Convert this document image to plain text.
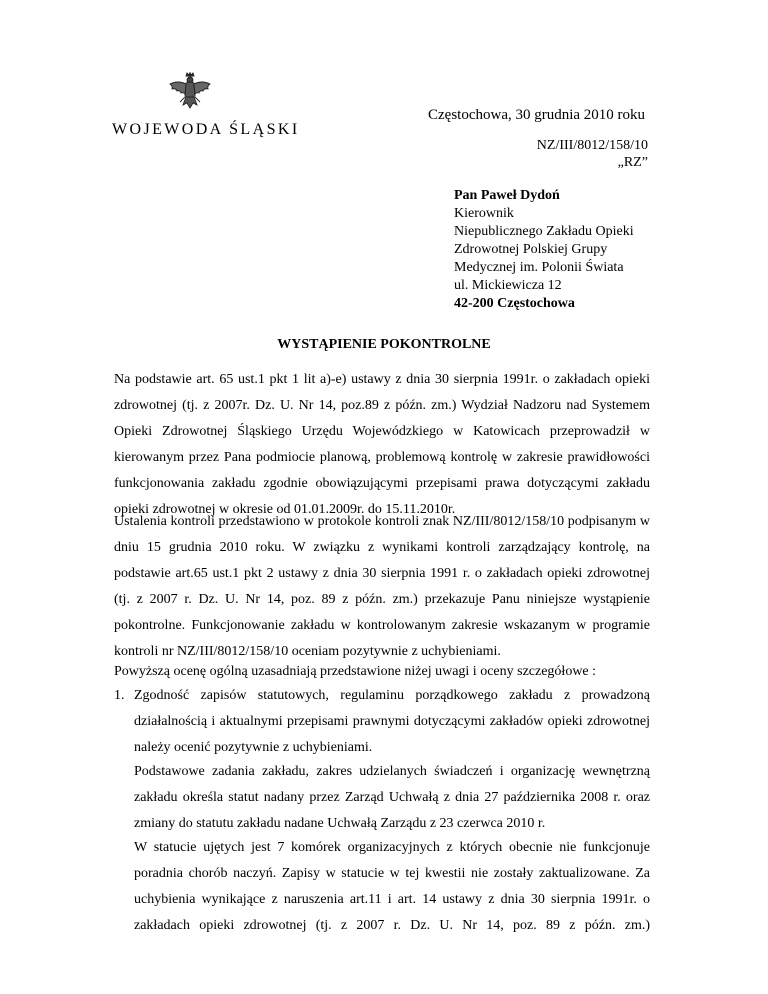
WOJEWODA ŚLĄSKI
Częstochowa, 30 grudnia 2010 roku
NZ/III/8012/158/10
„RZ”
Pan Paweł Dydoń
Kierownik
Niepublicznego Zakładu Opieki
Zdrowotnej Polskiej Grupy
Medycznej im. Polonii Świata
ul. Mickiewicza 12
42-200 Częstochowa
WYSTĄPIENIE POKONTROLNE
Na podstawie art. 65 ust.1 pkt 1 lit a)-e) ustawy z dnia 30 sierpnia 1991r. o zakładach opieki zdrowotnej (tj. z 2007r. Dz. U. Nr 14, poz.89 z późn. zm.) Wydział Nadzoru nad Systemem Opieki Zdrowotnej Śląskiego Urzędu Wojewódzkiego w Katowicach przeprowadził w kierowanym przez Pana podmiocie planową, problemową kontrolę w zakresie prawidłowości funkcjonowania zakładu zgodnie obowiązującymi przepisami prawa dotyczącymi zakładu opieki zdrowotnej w okresie od 01.01.2009r. do 15.11.2010r.
Ustalenia kontroli przedstawiono w protokole kontroli znak NZ/III/8012/158/10 podpisanym w dniu 15 grudnia 2010 roku. W związku z wynikami kontroli zarządzający kontrolę, na podstawie art.65 ust.1 pkt 2 ustawy z dnia 30 sierpnia 1991 r. o zakładach opieki zdrowotnej (tj. z 2007 r. Dz. U. Nr 14, poz. 89 z późn. zm.) przekazuje Panu niniejsze wystąpienie pokontrolne. Funkcjonowanie zakładu w kontrolowanym zakresie wskazanym w programie kontroli nr NZ/III/8012/158/10 oceniam pozytywnie z uchybieniami.
Powyższą ocenę ogólną uzasadniają przedstawione niżej uwagi i oceny szczegółowe :
1. Zgodność zapisów statutowych, regulaminu porządkowego zakładu z prowadzoną działalnością i aktualnymi przepisami prawnymi dotyczącymi zakładów opieki zdrowotnej należy ocenić pozytywnie z uchybieniami.
Podstawowe zadania zakładu, zakres udzielanych świadczeń i organizację wewnętrzną zakładu określa statut nadany przez Zarząd Uchwałą z dnia 27 października 2008 r. oraz zmiany do statutu zakładu nadane Uchwałą Zarządu z 23 czerwca 2010 r.
W statucie ujętych jest 7 komórek organizacyjnych z których obecnie nie funkcjonuje poradnia chorób naczyń. Zapisy w statucie w tej kwestii nie zostały zaktualizowane. Za uchybienia wynikające z naruszenia art.11 i art. 14 ustawy z dnia 30 sierpnia 1991r. o zakładach opieki zdrowotnej (tj. z 2007 r. Dz. U. Nr 14, poz. 89 z późn. zm.)
